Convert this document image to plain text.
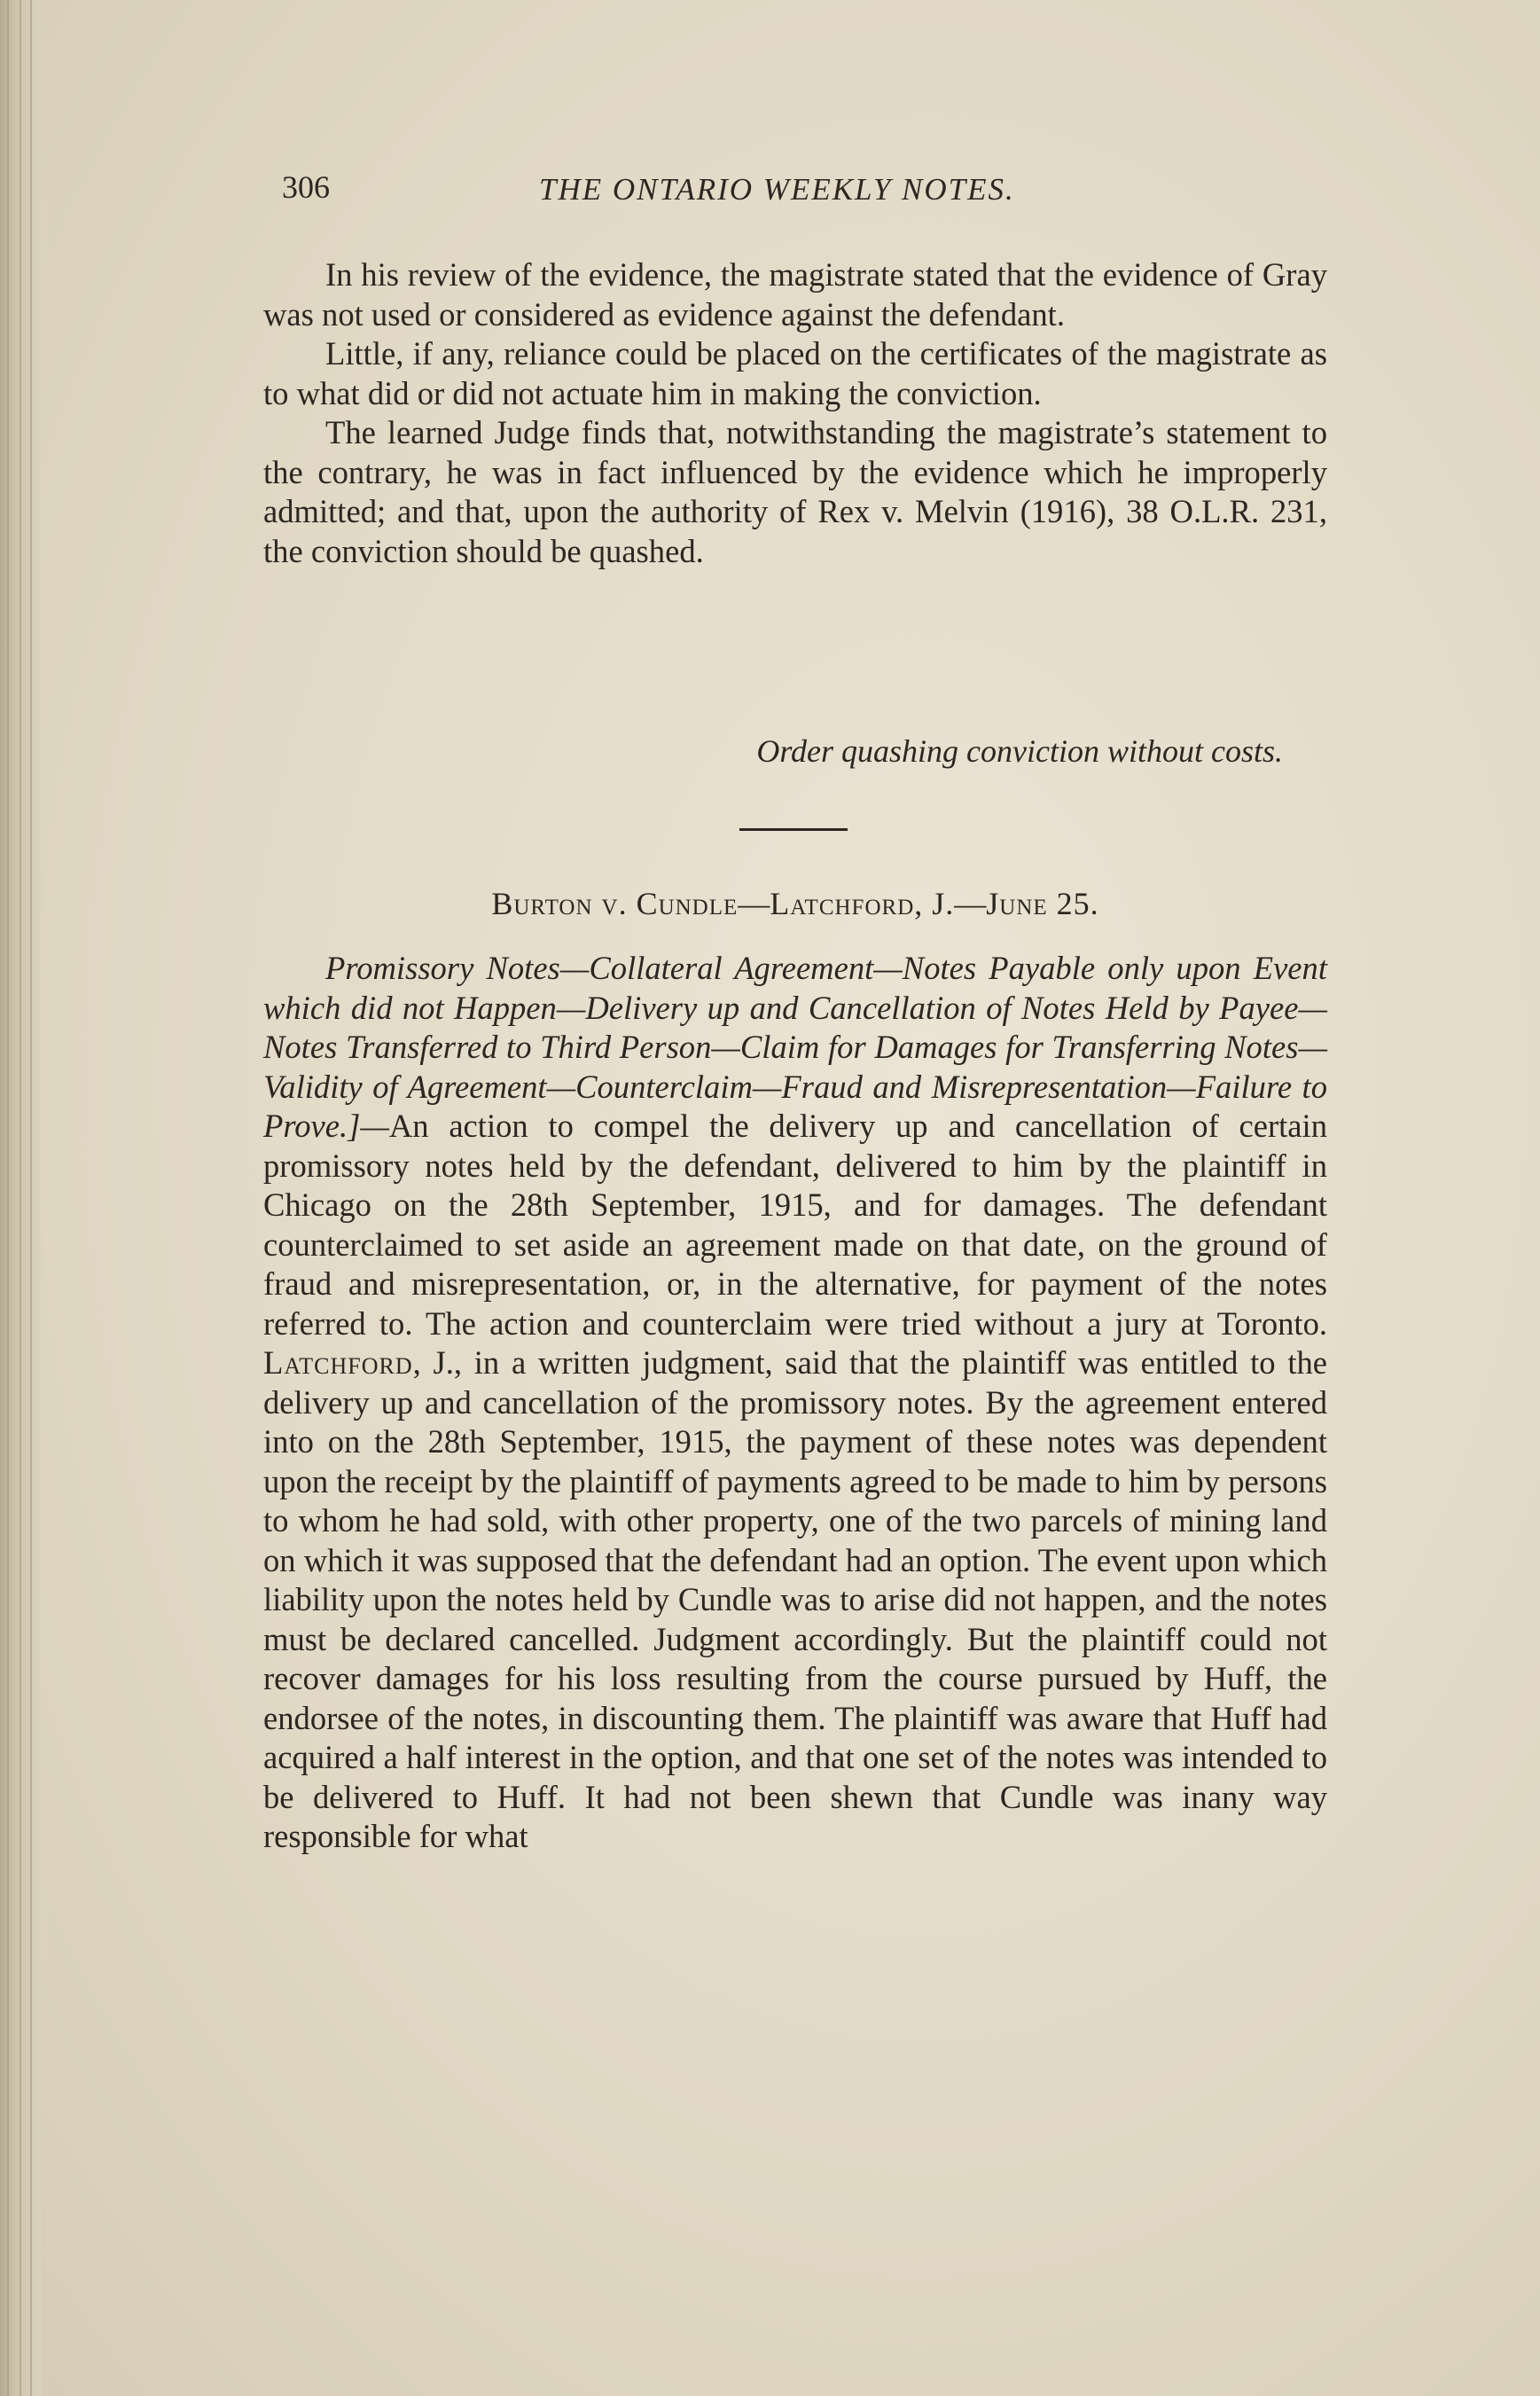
306	THE ONTARIO WEEKLY NOTES.

In his review of the evidence, the magistrate stated that the evidence of Gray was not used or considered as evidence against the defendant.

Little, if any, reliance could be placed on the certificates of the magistrate as to what did or did not actuate him in making the conviction.

The learned Judge finds that, notwithstanding the magistrate’s statement to the contrary, he was in fact influenced by the evidence which he improperly admitted; and that, upon the authority of Rex v. Melvin (1916), 38 O.L.R. 231, the conviction should be quashed.

Order quashing conviction without costs.
Burton v. Cundle—Latchford, J.—June 25.

Promissory Notes—Collateral Agreement—Notes Payable only upon Event which did not Happen—Delivery up and Cancellation of Notes Held by Payee—Notes Transferred to Third Person—Claim for Damages for Transferring Notes—Validity of Agreement—Counterclaim—Fraud and Misrepresentation—Failure to Prove.]—An action to compel the delivery up and cancellation of certain promissory notes held by the defendant, delivered to him by the plaintiff in Chicago on the 28th September, 1915, and for damages. The defendant counterclaimed to set aside an agreement made on that date, on the ground of fraud and misrepresentation, or, in the alternative, for payment of the notes referred to. The action and counterclaim were tried without a jury at Toronto. Latchford, J., in a written judgment, said that the plaintiff was entitled to the delivery up and cancellation of the promissory notes. By the agreement entered into on the 28th September, 1915, the payment of these notes was dependent upon the receipt by the plaintiff of payments agreed to be made to him by persons to whom he had sold, with other property, one of the two parcels of mining land on which it was supposed that the defendant had an option. The event upon which liability upon the notes held by Cundle was to arise did not happen, and the notes must be declared cancelled. Judgment accordingly. But the plaintiff could not recover damages for his loss resulting from the course pursued by Huff, the endorsee of the notes, in discounting them. The plaintiff was aware that Huff had acquired a half interest in the option, and that one set of the notes was intended to be delivered to Huff. It had not been shewn that Cundle was inany way responsible for what
